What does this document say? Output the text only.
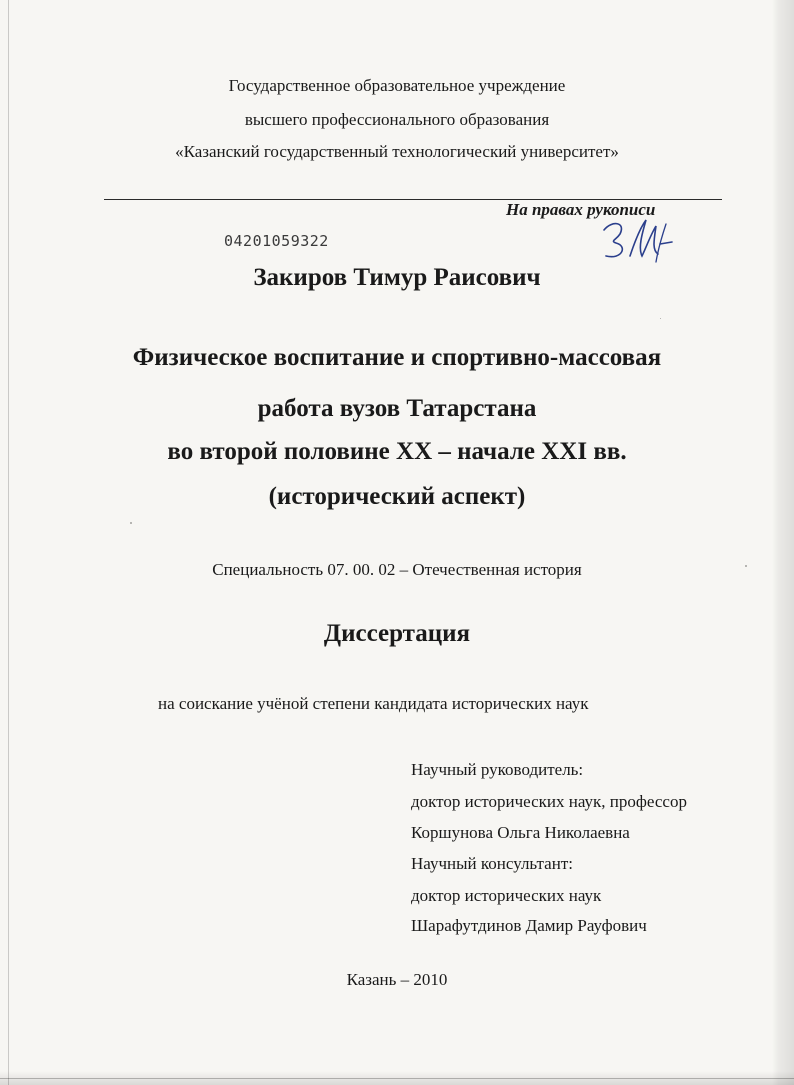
Государственное образовательное учреждение
высшего профессионального образования
«Казанский государственный технологический университет»
На правах рукописи
04201059322
Закиров Тимур Раисович
Физическое воспитание и спортивно-массовая
работа вузов Татарстана
во второй половине XX – начале XXI вв.
(исторический аспект)
Специальность 07. 00. 02 – Отечественная история
Диссертация
на соискание учёной степени кандидата исторических наук
Научный руководитель:
доктор исторических наук, профессор
Коршунова Ольга Николаевна
Научный консультант:
доктор исторических наук
Шарафутдинов Дамир Рауфович
Казань – 2010
